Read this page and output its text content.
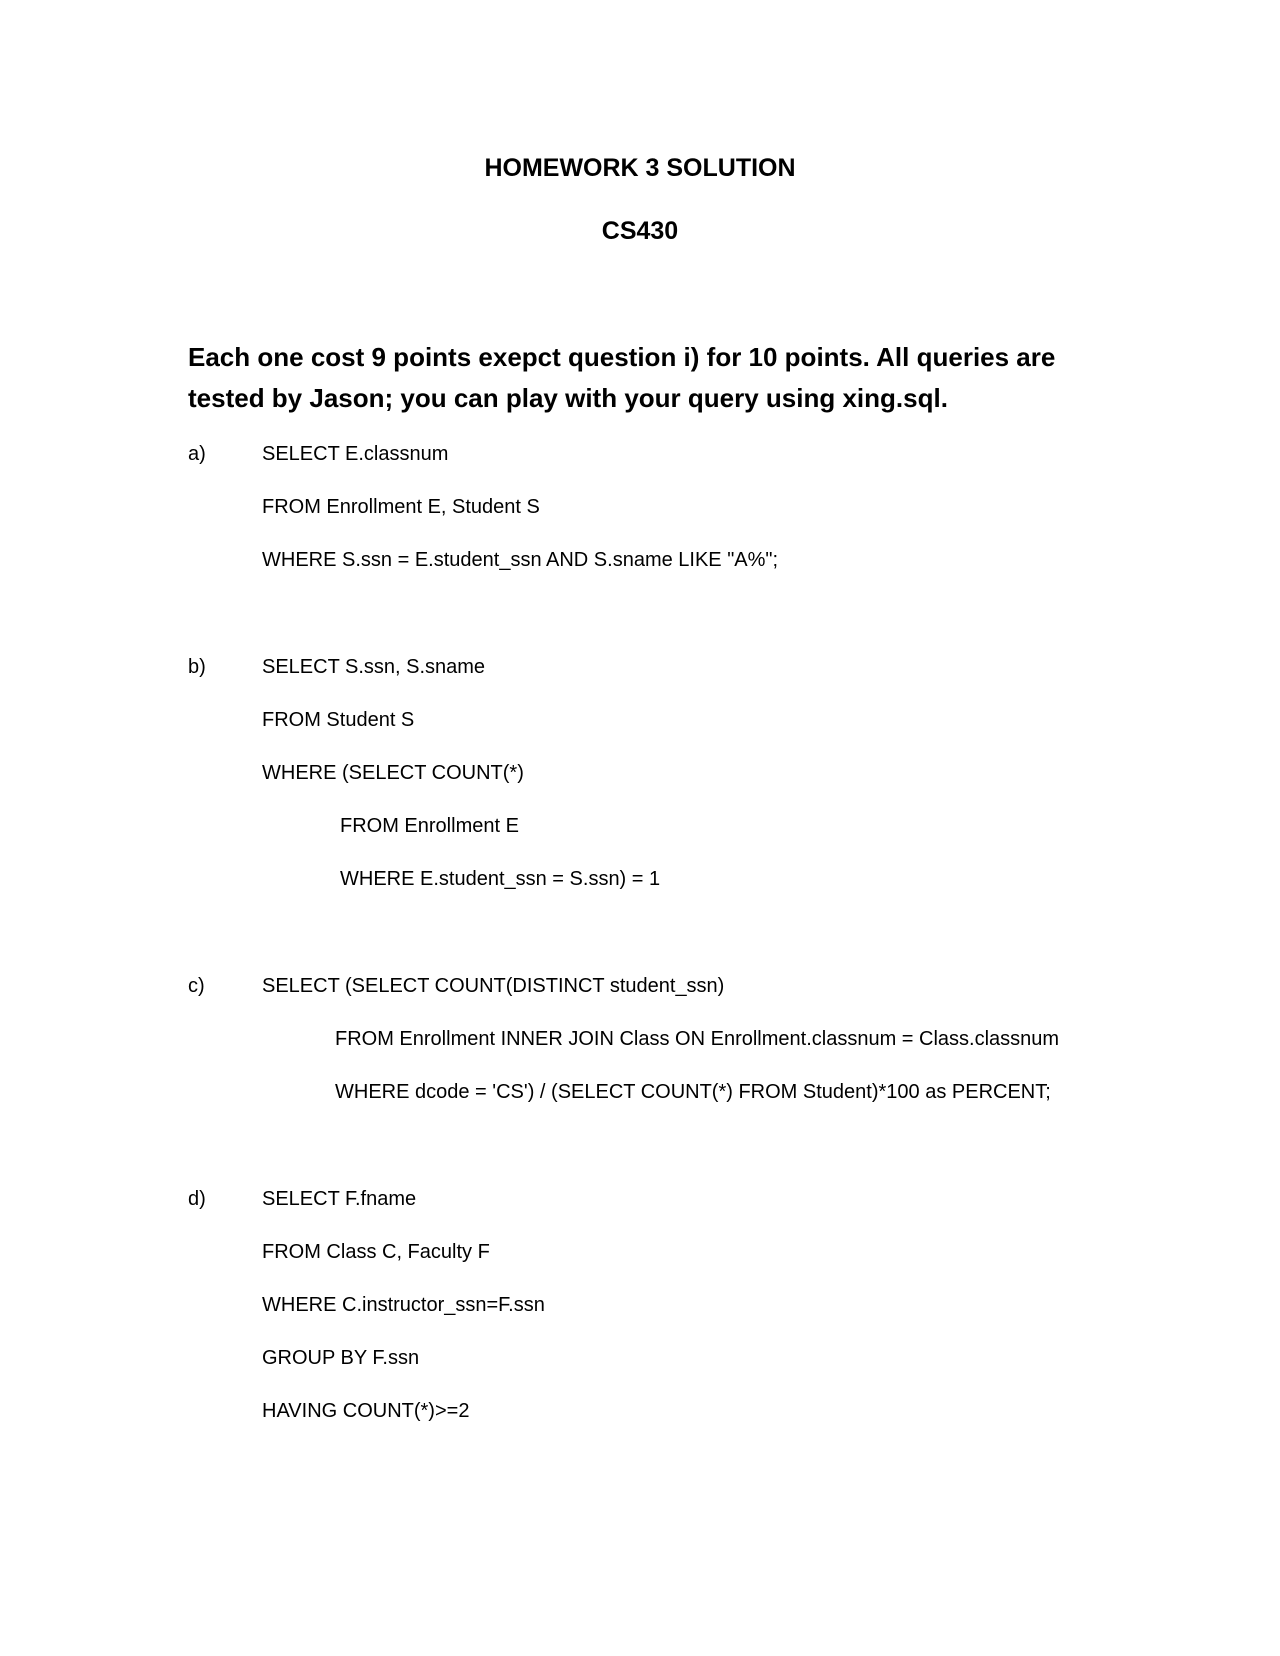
HOMEWORK 3 SOLUTION
CS430

Each one cost 9 points exepct question i) for 10 points. All queries are

tested by Jason; you can play with your query using xing.sql.

a)	SELECT E.classnum
FROM Enrollment E, Student S
WHERE S.ssn = E.student_ssn AND S.sname LIKE "A%";
b)	SELECT S.ssn, S.sname
FROM Student S
WHERE (SELECT COUNT(*)
FROM Enrollment E
WHERE E.student_ssn = S.ssn) = 1
c)	SELECT (SELECT COUNT(DISTINCT student_ssn)
FROM Enrollment INNER JOIN Class ON Enrollment.classnum = Class.classnum
WHERE dcode = 'CS') / (SELECT COUNT(*) FROM Student)*100 as PERCENT;
d)	SELECT F.fname
FROM Class C, Faculty F
WHERE C.instructor_ssn=F.ssn
GROUP BY F.ssn
HAVING COUNT(*)>=2
